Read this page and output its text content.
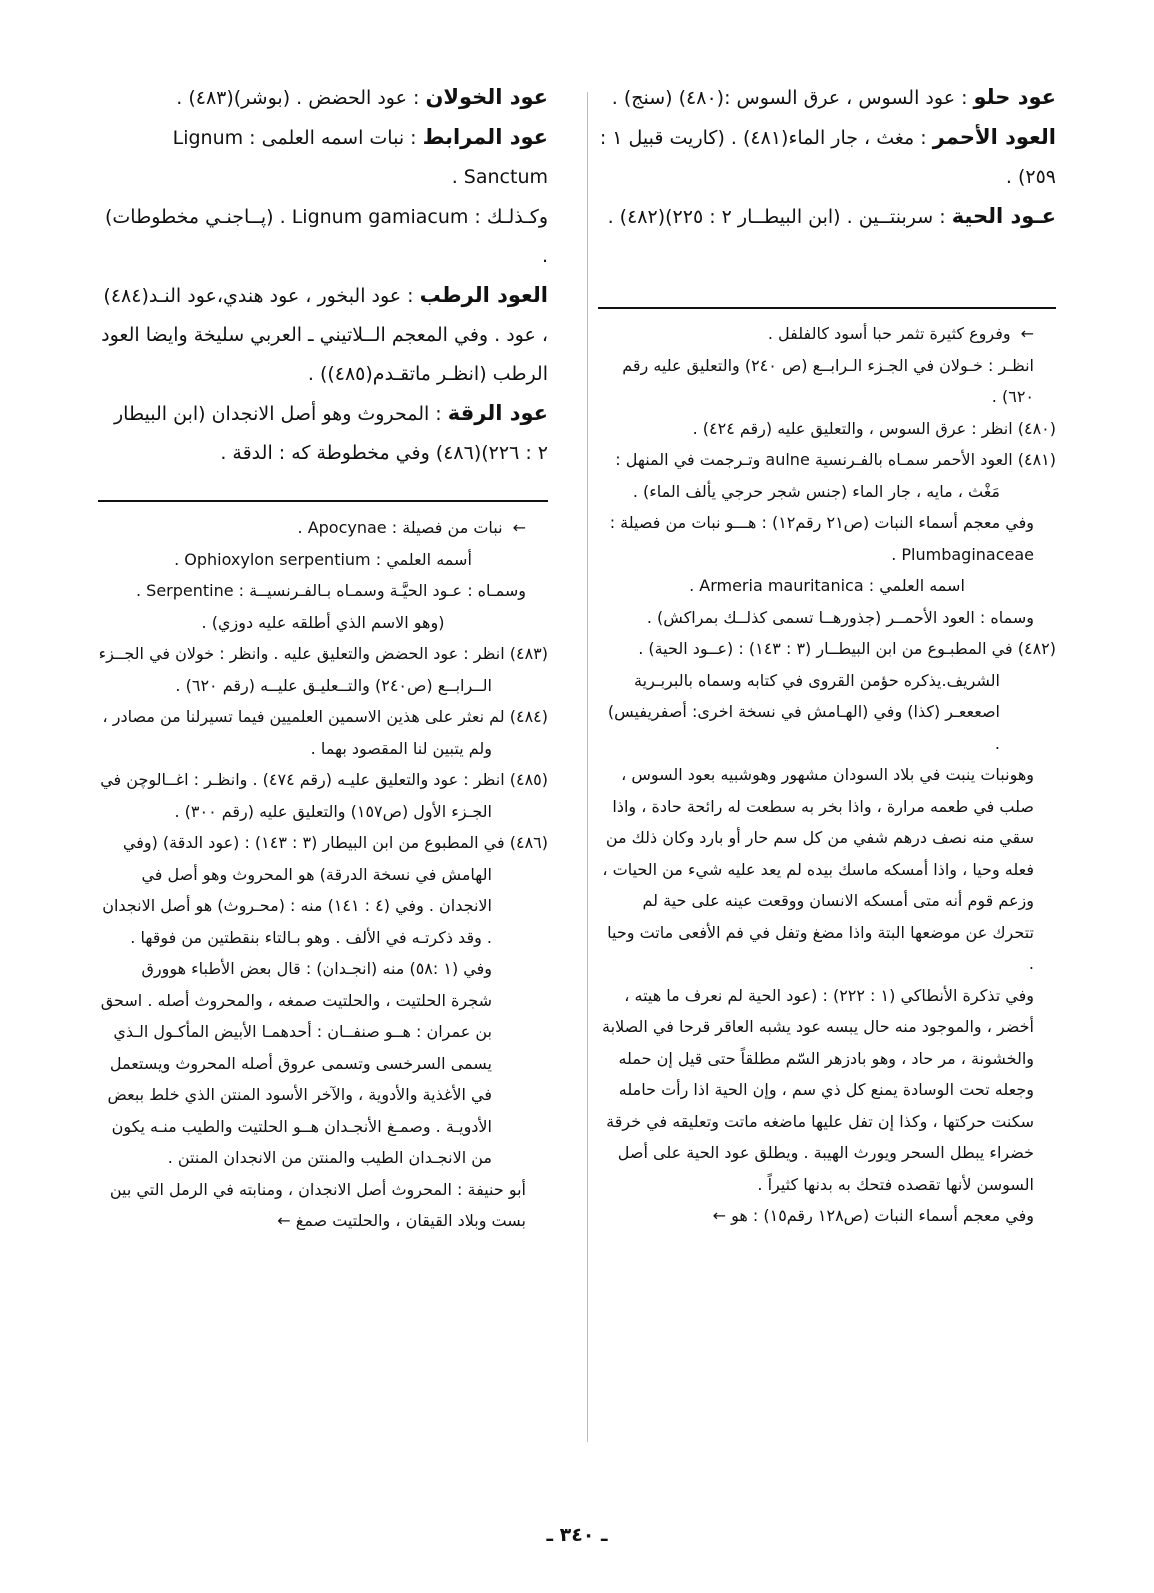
عود حلو : عود السوس ، عرق السوس :(٤٨٠) (سنج) .

العود الأحمر : مغث ، جار الماء(٤٨١) . (كاريت قبيل ١ : ٢٥٩) .

عـود الحية : سربنتــين . (ابن البيطــار ٢ : ٢٢٥)(٤٨٢) .

عود الخولان : عود الحضض . (بوشر)(٤٨٣) .

عود المرابط : نبات اسمه العلمى : Lignum Sanctum .

وكـذلـك : Lignum gamiacum . (پــاجنـي مخطوطات) .

العود الرطب : عود البخور ، عود هندي،عود النـد(٤٨٤) ، عود . وفي المعجم الــلاتيني ـ العربي سليخة وايضا العود الرطب (انظـر ماتقـدم(٤٨٥)) .

عود الرقة : المحروث وهو أصل الانجدان (ابن البيطار ٢ : ٢٢٦)(٤٨٦) وفي مخطوطة كه : الدقة .

←وفروع كثيرة تثمر حبا أسود كالفلفل .

انظـر : خـولان في الجـزء الـرابــع (ص ٢٤٠) والتعليق عليه رقم ٦٢٠) .

(٤٨٠) انظر : عرق السوس ، والتعليق عليه (رقم ٤٢٤) .

(٤٨١) العود الأحمر سمـاه بالفـرنسية aulne وتـرجمت في المنهل : مَغْث ، مايه ، جار الماء (جنس شجر حرجي يألف الماء) .

وفي معجم أسماء النبات (ص٢١ رقم١٢) : هـــو نبات من فصيلة : Plumbaginaceae .

اسمه العلمي : Armeria mauritanica .

وسماه : العود الأحمــر (جذورهــا تسمى كذلــك بمراكش) .

(٤٨٢) في المطبـوع من ابن البيطــار (٣ : ١٤٣) : (عــود الحية) . الشريف.يذكره حؤمن القروى في كتابه وسماه بالبربـرية اصعععـر (كذا) وفي (الهـامش في نسخة اخرى: أصفريفيس) .

وهونبات ينبت في بلاد السودان مشهور وهوشبيه بعود السوس ، صلب في طعمه مرارة ، واذا بخر به سطعت له رائحة حادة ، واذا سقي منه نصف درهم شفي من كل سم حار أو بارد وكان ذلك من فعله وحيا ، واذا أمسكه ماسك بيده لم يعد عليه شيء من الحيات ، وزعم قوم أنه متى أمسكه الانسان ووقعت عينه على حية لم تتحرك عن موضعها البتة واذا مضغ وتفل في فم الأفعى ماتت وحيا .

وفي تذكرة الأنطاكي (١ : ٢٢٢) : (عود الحية لم نعرف ما هيته ، أخضر ، والموجود منه حال يبسه عود يشبه العاقر قرحا في الصلابة والخشونة ، مر حاد ، وهو بادزهر السّم مطلقاً حتى قيل إن حمله وجعله تحت الوسادة يمنع كل ذي سم ، وإن الحية اذا رأت حامله سكنت حركتها ، وكذا إن تفل عليها ماضغه ماتت وتعليقه في خرقة خضراء يبطل السحر ويورث الهيبة . ويطلق عود الحية على أصل السوسن لأنها تقصده فتحك به بدنها كثيراً .

وفي معجم أسماء النبات (ص١٢٨ رقم١٥) : هو ←

←نبات من فصيلة : Apocynae .

أسمه العلمي : Ophioxylon serpentium .

وسمـاه : عـود الحيَّـة وسمـاه بـالفـرنسيــة : Serpentine .

(وهو الاسم الذي أطلقه عليه دوزي) .

(٤٨٣) انظر : عود الحضض والتعليق عليه . وانظر : خولان في الجــزء الــرابــع (ص٢٤٠) والتــعليـق عليــه (رقم ٦٢٠) .

(٤٨٤) لم نعثر على هذين الاسمين العلميين فيما تسيرلنا من مصادر ، ولم يتبين لنا المقصود بهما .

(٤٨٥) انظر : عود والتعليق عليـه (رقم ٤٧٤) . وانظـر : اغــالوچن في الجـزء الأول (ص١٥٧) والتعليق عليه (رقم ٣٠٠) .

(٤٨٦) في المطبوع من ابن البيطار (٣ : ١٤٣) : (عود الدقة) (وفي الهامش في نسخة الدرقة) هو المحروث وهو أصل في الانجدان . وفي (٤ : ١٤١) منه : (محـروث) هو أصل الانجدان . وقد ذكرتـه في الألف . وهو بـالتاء بنقطتين من فوقها . وفي (١ :٥٨) منه (انجـدان) : قال بعض الأطباء هوورق شجرة الحلتيت ، والحلتيت صمغه ، والمحروث أصله . اسحق بن عمران : هــو صنفــان : أحدهمـا الأبيض المأكـول الـذي يسمى السرخسى وتسمى عروق أصله المحروث ويستعمل في الأغذية والأدوية ، والآخر الأسود المنتن الذي خلط ببعض الأدويـة . وصمـغ الأنجـدان هــو الحلتيت والطيب منـه يكون من الانجـدان الطيب والمنتن من الانجدان المنتن .

أبو حنيفة : المحروث أصل الانجدان ، ومنابته في الرمل التي بين بست وبلاد القيقان ، والحلتيت صمغ ←

ـ ٣٤٠ ـ
